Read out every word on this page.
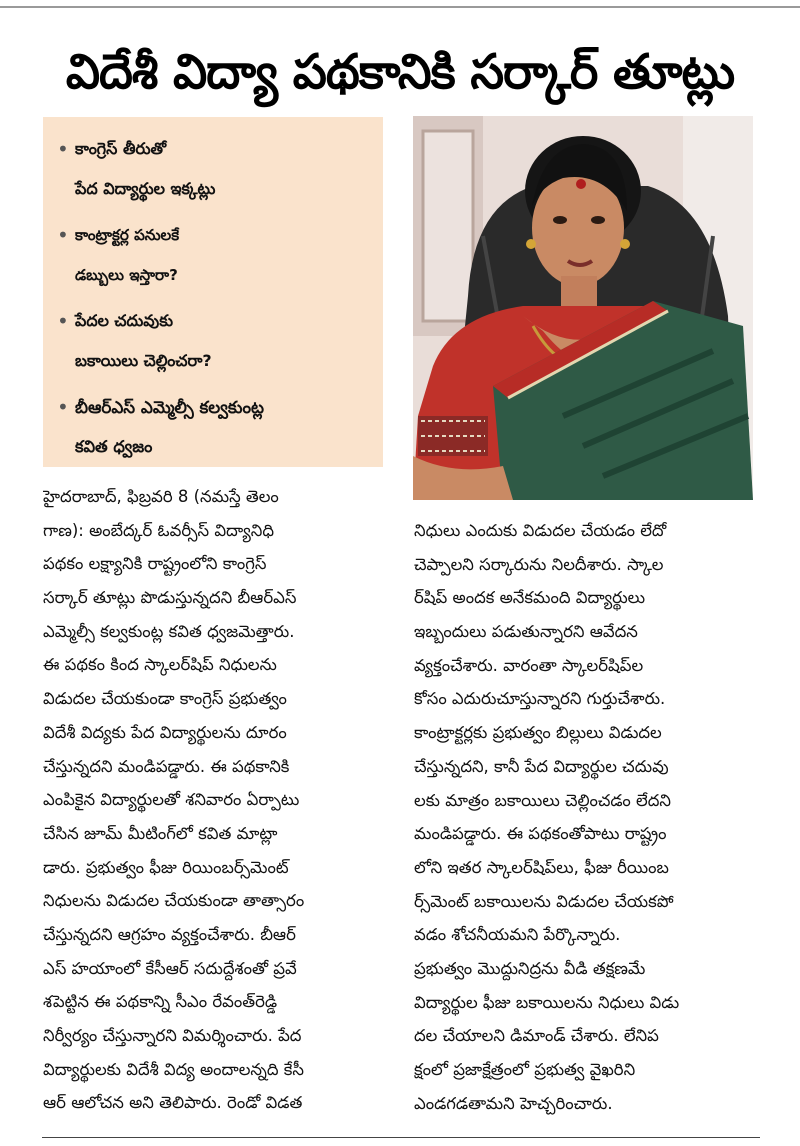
విదేశీ విద్యా పథకానికి సర్కార్ తూట్లు
• కాంగ్రెస్ తీరుతో
పేద విద్యార్థుల ఇక్కట్లు
• కాంట్రాక్టర్ల పనులకే
డబ్బులు ఇస్తారా?
• పేదల చదువుకు
బకాయిలు చెల్లించరా?
• బీఆర్ఎస్ ఎమ్మెల్సీ కల్వకుంట్ల
కవిత ధ్వజం
హైదరాబాద్, ఫిబ్రవరి 8 (నమస్తే తెలం
గాణ): అంబేద్కర్ ఓవర్సీస్ విద్యానిధి
పథకం లక్ష్యానికి రాష్ట్రంలోని కాంగ్రెస్
సర్కార్ తూట్లు పొడుస్తున్నదని బీఆర్ఎస్
ఎమ్మెల్సీ కల్వకుంట్ల కవిత ధ్వజమెత్తారు.
ఈ పథకం కింద స్కాలర్‌షిప్ నిధులను
విడుదల చేయకుండా కాంగ్రెస్ ప్రభుత్వం
విదేశీ విద్యకు పేద విద్యార్థులను దూరం
చేస్తున్నదని మండిపడ్డారు. ఈ పథకానికి
ఎంపికైన విద్యార్థులతో శనివారం ఏర్పాటు
చేసిన జూమ్ మీటింగ్‌లో కవిత మాట్లా
డారు. ప్రభుత్వం ఫీజు రియింబర్స్‌మెంట్
నిధులను విడుదల చేయకుండా తాత్సారం
చేస్తున్నదని ఆగ్రహం వ్యక్తంచేశారు. బీఆర్
ఎస్ హయాంలో కేసీఆర్ సదుద్దేశంతో ప్రవే
శపెట్టిన ఈ పథకాన్ని సీఎం రేవంత్‌రెడ్డి
నిర్వీర్యం చేస్తున్నారని విమర్శించారు. పేద
విద్యార్థులకు విదేశీ విద్య అందాలన్నది కేసీ
ఆర్ ఆలోచన అని తెలిపారు. రెండో విడత
నిధులు ఎందుకు విడుదల చేయడం లేదో
చెప్పాలని సర్కారును నిలదీశారు. స్కాల
ర్‌షిప్ అందక అనేకమంది విద్యార్థులు
ఇబ్బందులు పడుతున్నారని ఆవేదన
వ్యక్తంచేశారు. వారంతా స్కాలర్‌షిప్‌ల
కోసం ఎదురుచూస్తున్నారని గుర్తుచేశారు.
కాంట్రాక్టర్లకు ప్రభుత్వం బిల్లులు విడుదల
చేస్తున్నదని, కానీ పేద విద్యార్థుల చదువు
లకు మాత్రం బకాయిలు చెల్లించడం లేదని
మండిపడ్డారు. ఈ పథకంతోపాటు రాష్ట్రం
లోని ఇతర స్కాలర్‌షిప్‌లు, ఫీజు రీయింబ
ర్స్‌మెంట్ బకాయిలను విడుదల చేయకపో
వడం శోచనీయమని పేర్కొన్నారు.
ప్రభుత్వం మొద్దునిద్రను వీడి తక్షణమే
విద్యార్థుల ఫీజు బకాయిలను నిధులు విడు
దల చేయాలని డిమాండ్ చేశారు. లేనిప
క్షంలో ప్రజాక్షేత్రంలో ప్రభుత్వ వైఖరిని
ఎండగడతామని హెచ్చరించారు.
